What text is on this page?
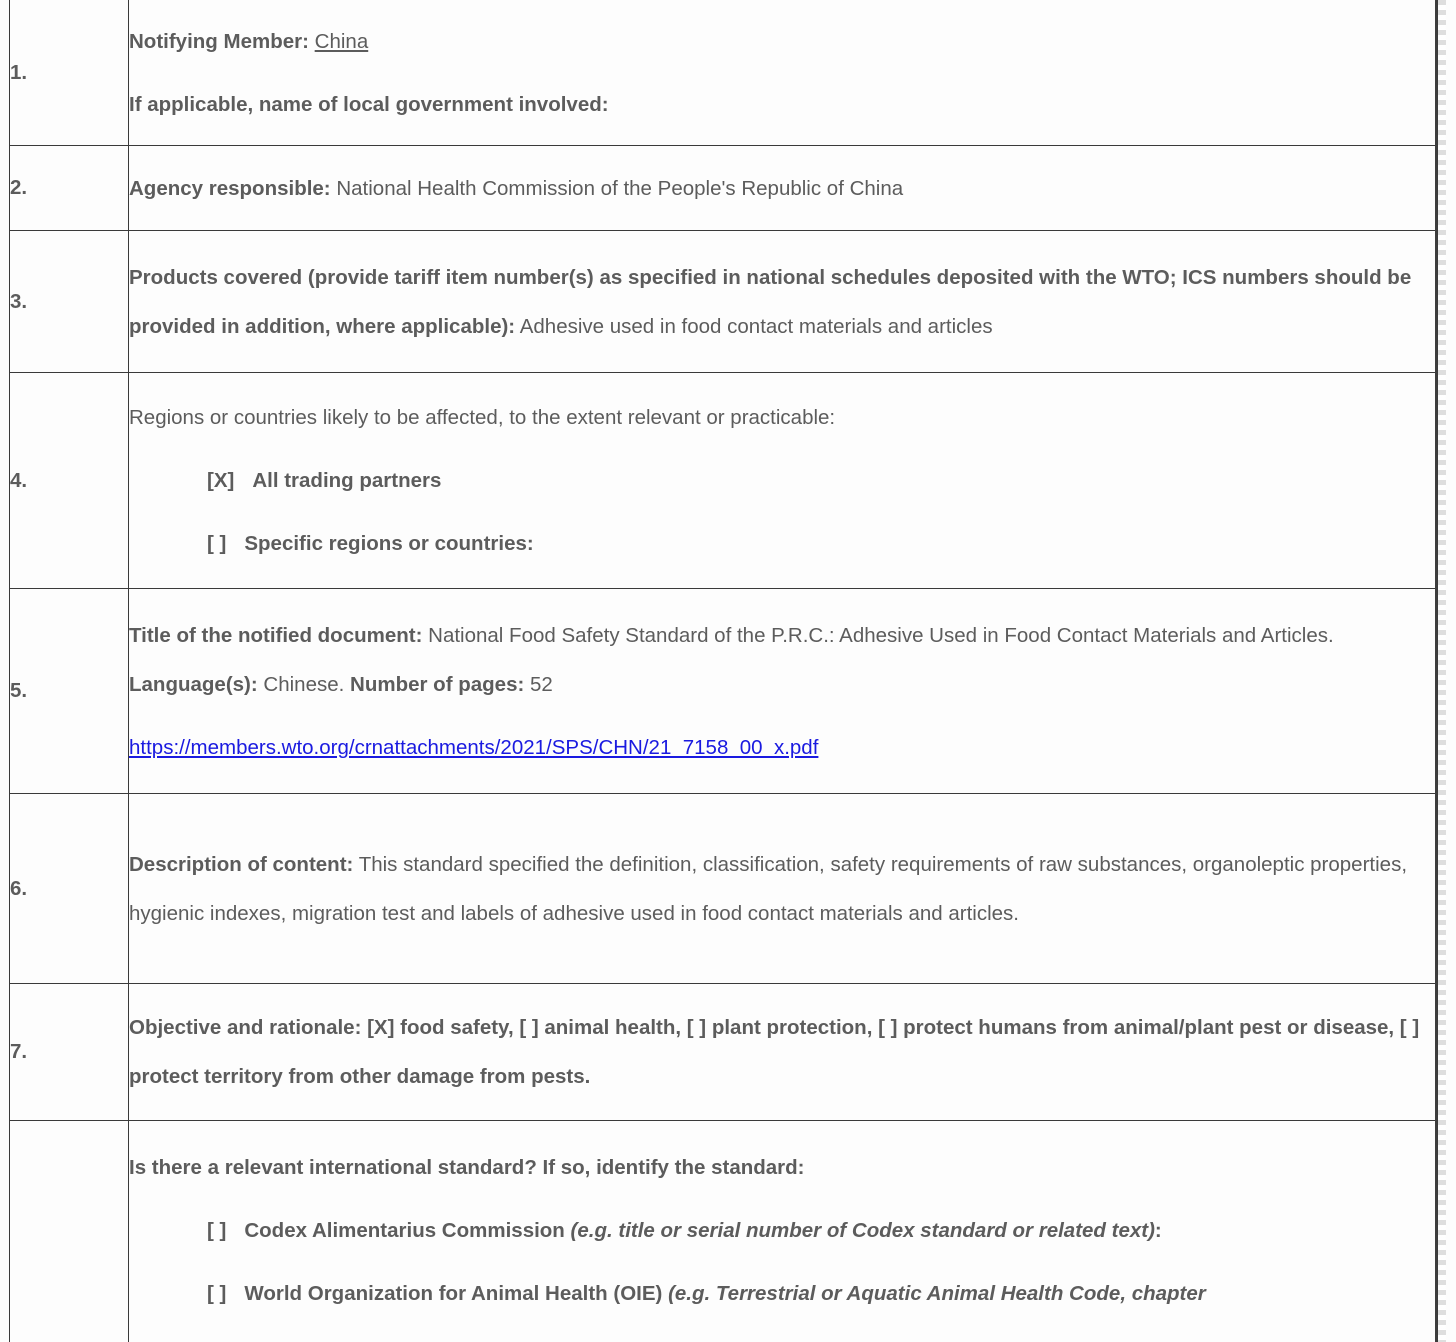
1.	Notifying Member: China
If applicable, name of local government involved:

2.	Agency responsible: National Health Commission of the People's Republic of China

3.	Products covered (provide tariff item number(s) as specified in national schedules deposited with the WTO; ICS numbers should be provided in addition, where applicable): Adhesive used in food contact materials and articles

4.	Regions or countries likely to be affected, to the extent relevant or practicable:
[X] All trading partners
[ ] Specific regions or countries:

5.	Title of the notified document: National Food Safety Standard of the P.R.C.: Adhesive Used in Food Contact Materials and Articles. Language(s): Chinese. Number of pages: 52
https://members.wto.org/crnattachments/2021/SPS/CHN/21_7158_00_x.pdf

6.	Description of content: This standard specified the definition, classification, safety requirements of raw substances, organoleptic properties, hygienic indexes, migration test and labels of adhesive used in food contact materials and articles.

7.	Objective and rationale: [X] food safety, [ ] animal health, [ ] plant protection, [ ] protect humans from animal/plant pest or disease, [ ] protect territory from other damage from pests.

	Is there a relevant international standard? If so, identify the standard:
[ ] Codex Alimentarius Commission (e.g. title or serial number of Codex standard or related text):
[ ] World Organization for Animal Health (OIE) (e.g. Terrestrial or Aquatic Animal Health Code, chapter
